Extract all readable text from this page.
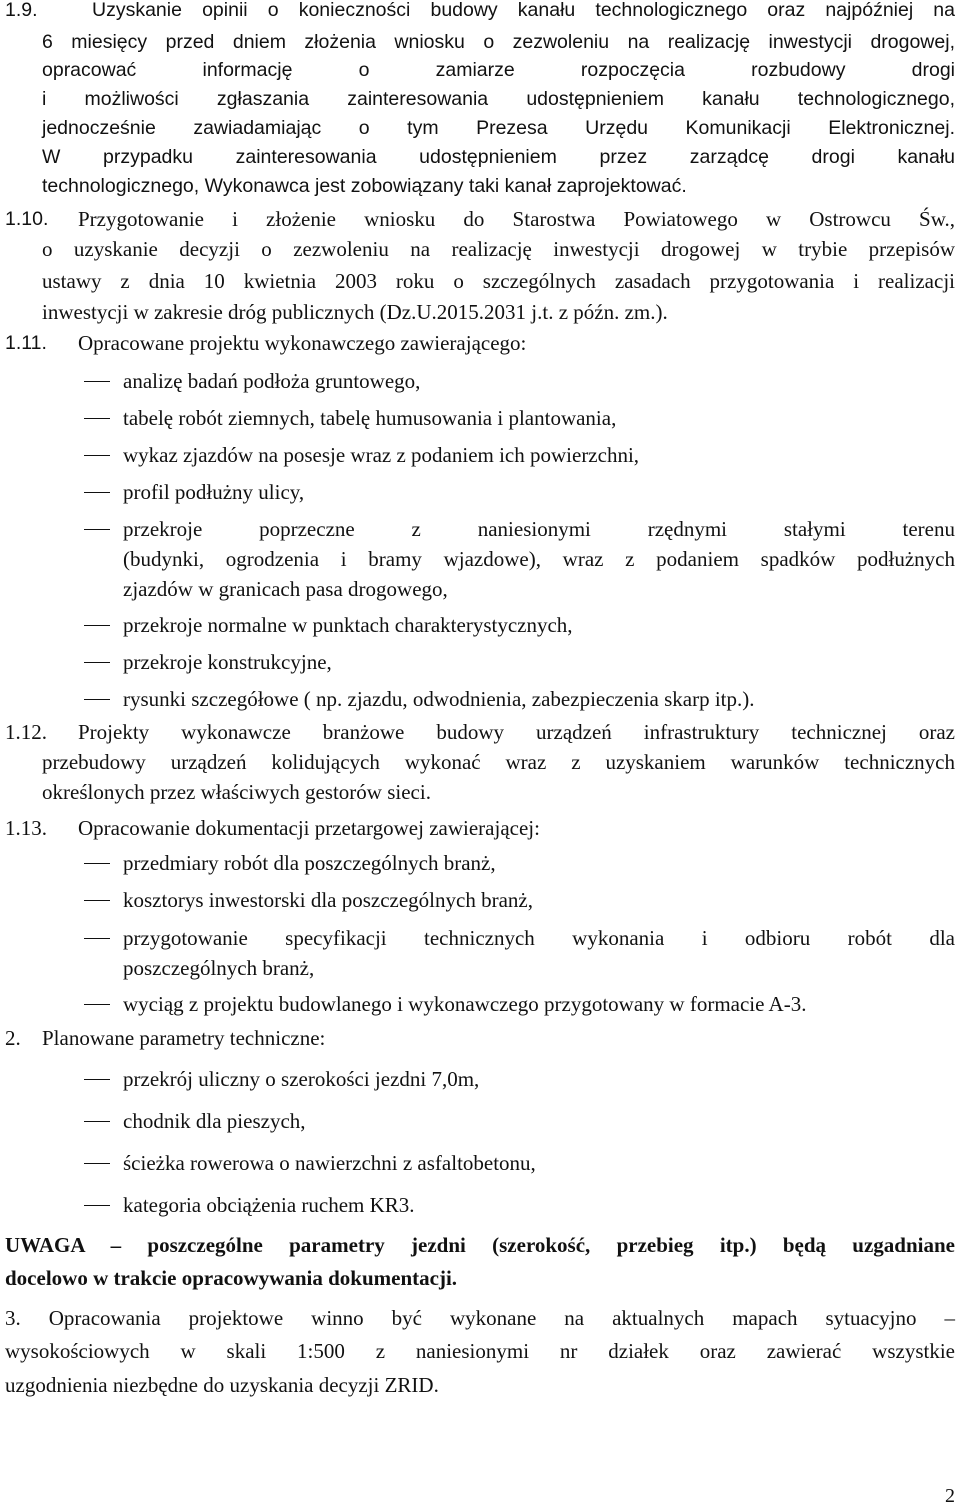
1.9.	Uzyskanie opinii o konieczności budowy kanału technologicznego oraz najpóźniej na
6 miesięcy przed dniem złożenia wniosku o zezwoleniu na realizację inwestycji drogowej,
opracować informację o zamiarze rozpoczęcia rozbudowy drogi
i możliwości zgłaszania zainteresowania udostępnieniem kanału technologicznego,
jednocześnie zawiadamiając o tym Prezesa Urzędu Komunikacji Elektronicznej.
W przypadku zainteresowania udostępnieniem przez zarządcę drogi kanału
technologicznego, Wykonawca jest zobowiązany taki kanał zaprojektować.
1.10. Przygotowanie i złożenie wniosku do Starostwa Powiatowego w Ostrowcu Św.,
o uzyskanie decyzji o zezwoleniu na realizację inwestycji drogowej w trybie przepisów
ustawy z dnia 10 kwietnia 2003 roku o szczególnych zasadach przygotowania i realizacji
inwestycji w zakresie dróg publicznych (Dz.U.2015.2031 j.t. z późn. zm.).
1.11. Opracowane projektu wykonawczego zawierającego:
analizę badań podłoża gruntowego,
tabelę robót ziemnych, tabelę humusowania i plantowania,
wykaz zjazdów na posesje wraz z podaniem ich powierzchni,
profil podłużny ulicy,
przekroje poprzeczne z naniesionymi rzędnymi stałymi terenu
(budynki, ogrodzenia i bramy wjazdowe), wraz z podaniem spadków podłużnych
zjazdów w granicach pasa drogowego,
przekroje normalne w punktach charakterystycznych,
przekroje konstrukcyjne,
rysunki szczegółowe ( np. zjazdu, odwodnienia, zabezpieczenia skarp itp.).
1.12. Projekty wykonawcze branżowe budowy urządzeń infrastruktury technicznej oraz
przebudowy urządzeń kolidujących wykonać wraz z uzyskaniem warunków technicznych
określonych przez właściwych gestorów sieci.
1.13. Opracowanie dokumentacji przetargowej zawierającej:
przedmiary robót dla poszczególnych branż,
kosztorys inwestorski dla poszczególnych branż,
przygotowanie specyfikacji technicznych wykonania i odbioru robót dla
poszczególnych branż,
wyciąg z projektu budowlanego i wykonawczego przygotowany w formacie A-3.
2. Planowane parametry techniczne:
przekrój uliczny o szerokości jezdni 7,0m,
chodnik dla pieszych,
ścieżka rowerowa o nawierzchni z asfaltobetonu,
kategoria obciążenia ruchem KR3.
UWAGA – poszczególne parametry jezdni (szerokość, przebieg itp.) będą uzgadniane
docelowo w trakcie opracowywania dokumentacji.
3. Opracowania projektowe winno być wykonane na aktualnych mapach sytuacyjno –
wysokościowych w skali 1:500 z naniesionymi nr działek oraz zawierać wszystkie
uzgodnienia niezbędne do uzyskania decyzji ZRID.
2
